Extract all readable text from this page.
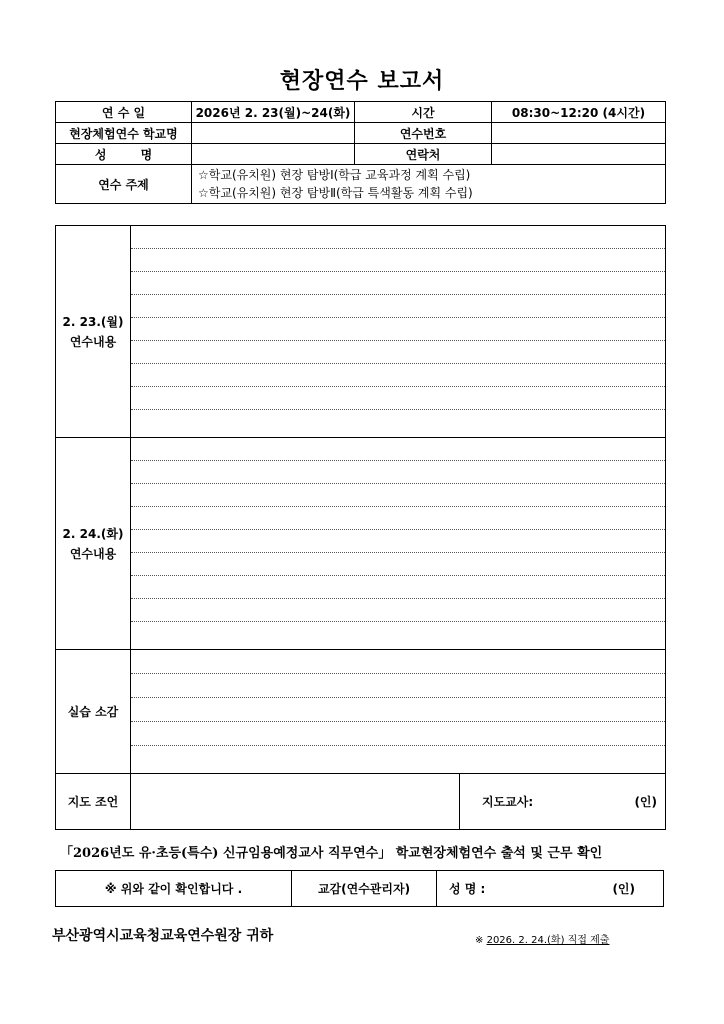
현장연수 보고서
연 수 일	2026년 2. 23(월)~24(화)	시간	08:30~12:20 (4시간)
현장체험연수 학교명		연수번호	
성 명		연락처	
연수 주제	☆학교(유치원) 현장 탐방Ⅰ(학급 교육과정 계획 수립)
☆학교(유치원) 현장 탐방Ⅱ(학급 특색활동 계획 수립)		
2. 23.(월)
연수내용		

2. 24.(화)
연수내용		

실습 소감		

지도 조언		지도교사: (인)
「2026년도 유·초등(특수) 신규임용예정교사 직무연수」 학교현장체험연수 출석 및 근무 확인
※ 위와 같이 확인합니다 .	교감(연수관리자)	성 명 :	(인)
부산광역시교육청교육연수원장 귀하	※ 2026. 2. 24.(화) 직접 제출
